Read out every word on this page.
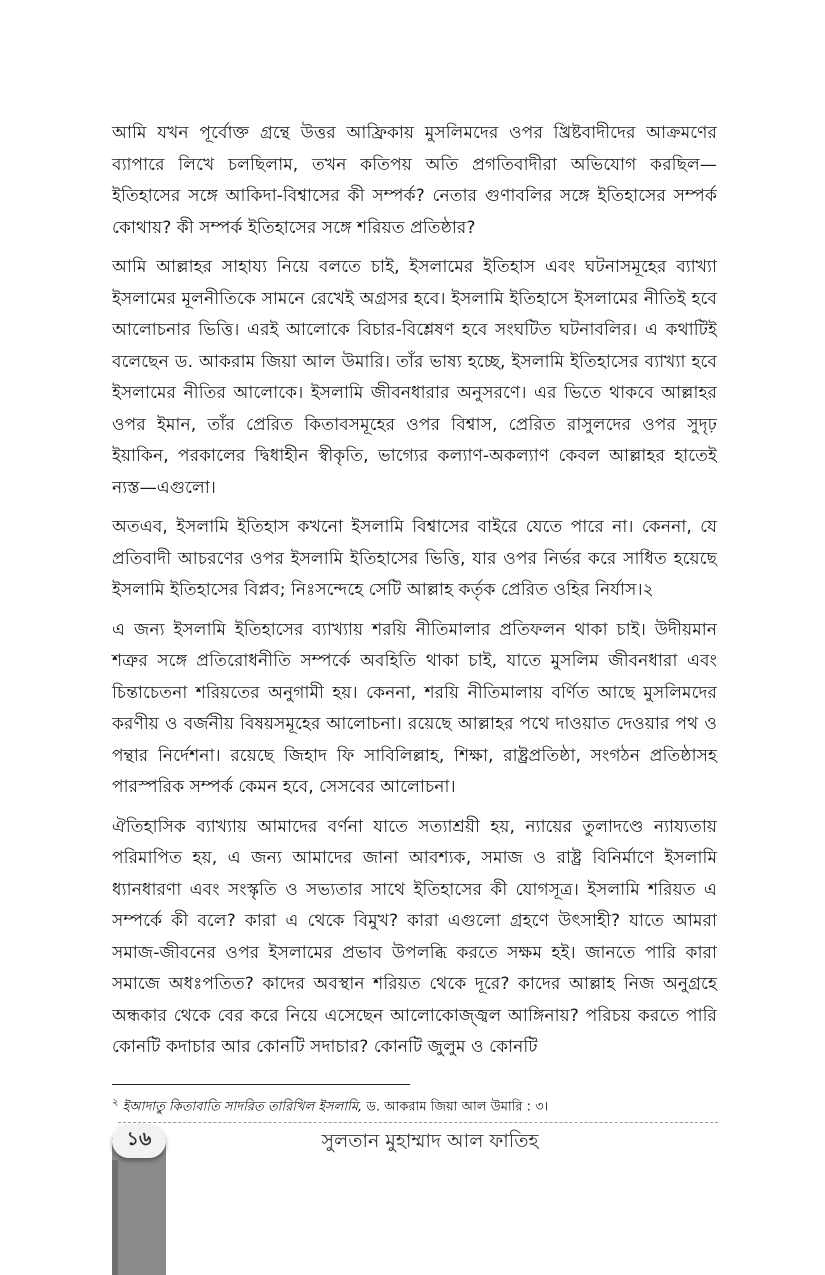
আমি যখন পূর্বোক্ত গ্রন্থে উত্তর আফ্রিকায় মুসলিমদের ওপর খ্রিষ্টবাদীদের আক্রমণের ব্যাপারে লিখে চলছিলাম, তখন কতিপয় অতি প্রগতিবাদীরা অভিযোগ করছিল—ইতিহাসের সঙ্গে আকিদা-বিশ্বাসের কী সম্পর্ক? নেতার গুণাবলির সঙ্গে ইতিহাসের সম্পর্ক কোথায়? কী সম্পর্ক ইতিহাসের সঙ্গে শরিয়ত প্রতিষ্ঠার?

আমি আল্লাহর সাহায্য নিয়ে বলতে চাই, ইসলামের ইতিহাস এবং ঘটনাসমূহের ব্যাখ্যা ইসলামের মূলনীতিকে সামনে রেখেই অগ্রসর হবে। ইসলামি ইতিহাসে ইসলামের নীতিই হবে আলোচনার ভিত্তি। এরই আলোকে বিচার-বিশ্লেষণ হবে সংঘটিত ঘটনাবলির। এ কথাটিই বলেছেন ড. আকরাম জিয়া আল উমারি। তাঁর ভাষ্য হচ্ছে, ইসলামি ইতিহাসের ব্যাখ্যা হবে ইসলামের নীতির আলোকে। ইসলামি জীবনধারার অনুসরণে। এর ভিতে থাকবে আল্লাহর ওপর ইমান, তাঁর প্রেরিত কিতাবসমূহের ওপর বিশ্বাস, প্রেরিত রাসুলদের ওপর সুদৃঢ় ইয়াকিন, পরকালের দ্বিধাহীন স্বীকৃতি, ভাগ্যের কল্যাণ-অকল্যাণ কেবল আল্লাহর হাতেই ন্যস্ত—এগুলো।

অতএব, ইসলামি ইতিহাস কখনো ইসলামি বিশ্বাসের বাইরে যেতে পারে না। কেননা, যে প্রতিবাদী আচরণের ওপর ইসলামি ইতিহাসের ভিত্তি, যার ওপর নির্ভর করে সাধিত হয়েছে ইসলামি ইতিহাসের বিপ্লব; নিঃসন্দেহে সেটি আল্লাহ কর্তৃক প্রেরিত ওহির নির্যাস।২

এ জন্য ইসলামি ইতিহাসের ব্যাখ্যায় শরয়ি নীতিমালার প্রতিফলন থাকা চাই। উদীয়মান শত্রুর সঙ্গে প্রতিরোধনীতি সম্পর্কে অবহিতি থাকা চাই, যাতে মুসলিম জীবনধারা এবং চিন্তাচেতনা শরিয়তের অনুগামী হয়। কেননা, শরয়ি নীতিমালায় বর্ণিত আছে মুসলিমদের করণীয় ও বর্জনীয় বিষয়সমূহের আলোচনা। রয়েছে আল্লাহর পথে দাওয়াত দেওয়ার পথ ও পন্থার নির্দেশনা। রয়েছে জিহাদ ফি সাবিলিল্লাহ, শিক্ষা, রাষ্ট্রপ্রতিষ্ঠা, সংগঠন প্রতিষ্ঠাসহ পারস্পরিক সম্পর্ক কেমন হবে, সেসবের আলোচনা।

ঐতিহাসিক ব্যাখ্যায় আমাদের বর্ণনা যাতে সত্যাশ্রয়ী হয়, ন্যায়ের তুলাদণ্ডে ন্যায্যতায় পরিমাপিত হয়, এ জন্য আমাদের জানা আবশ্যক, সমাজ ও রাষ্ট্র বিনির্মাণে ইসলামি ধ্যানধারণা এবং সংস্কৃতি ও সভ্যতার সাথে ইতিহাসের কী যোগসূত্র। ইসলামি শরিয়ত এ সম্পর্কে কী বলে? কারা এ থেকে বিমুখ? কারা এগুলো গ্রহণে উৎসাহী? যাতে আমরা সমাজ-জীবনের ওপর ইসলামের প্রভাব উপলব্ধি করতে সক্ষম হই। জানতে পারি কারা সমাজে অধঃপতিত? কাদের অবস্থান শরিয়ত থেকে দূরে? কাদের আল্লাহ নিজ অনুগ্রহে অন্ধকার থেকে বের করে নিয়ে এসেছেন আলোকোজ্জ্বল আঙ্গিনায়? পরিচয় করতে পারি কোনটি কদাচার আর কোনটি সদাচার? কোনটি জুলুম ও কোনটি

$^২$ ইআদাতু কিতাবাতি সাদরিত তারিখিল ইসলামি, ড. আকরাম জিয়া আল উমারি : ৩।
১৬	সুলতান মুহাম্মাদ আল ফাতিহ
